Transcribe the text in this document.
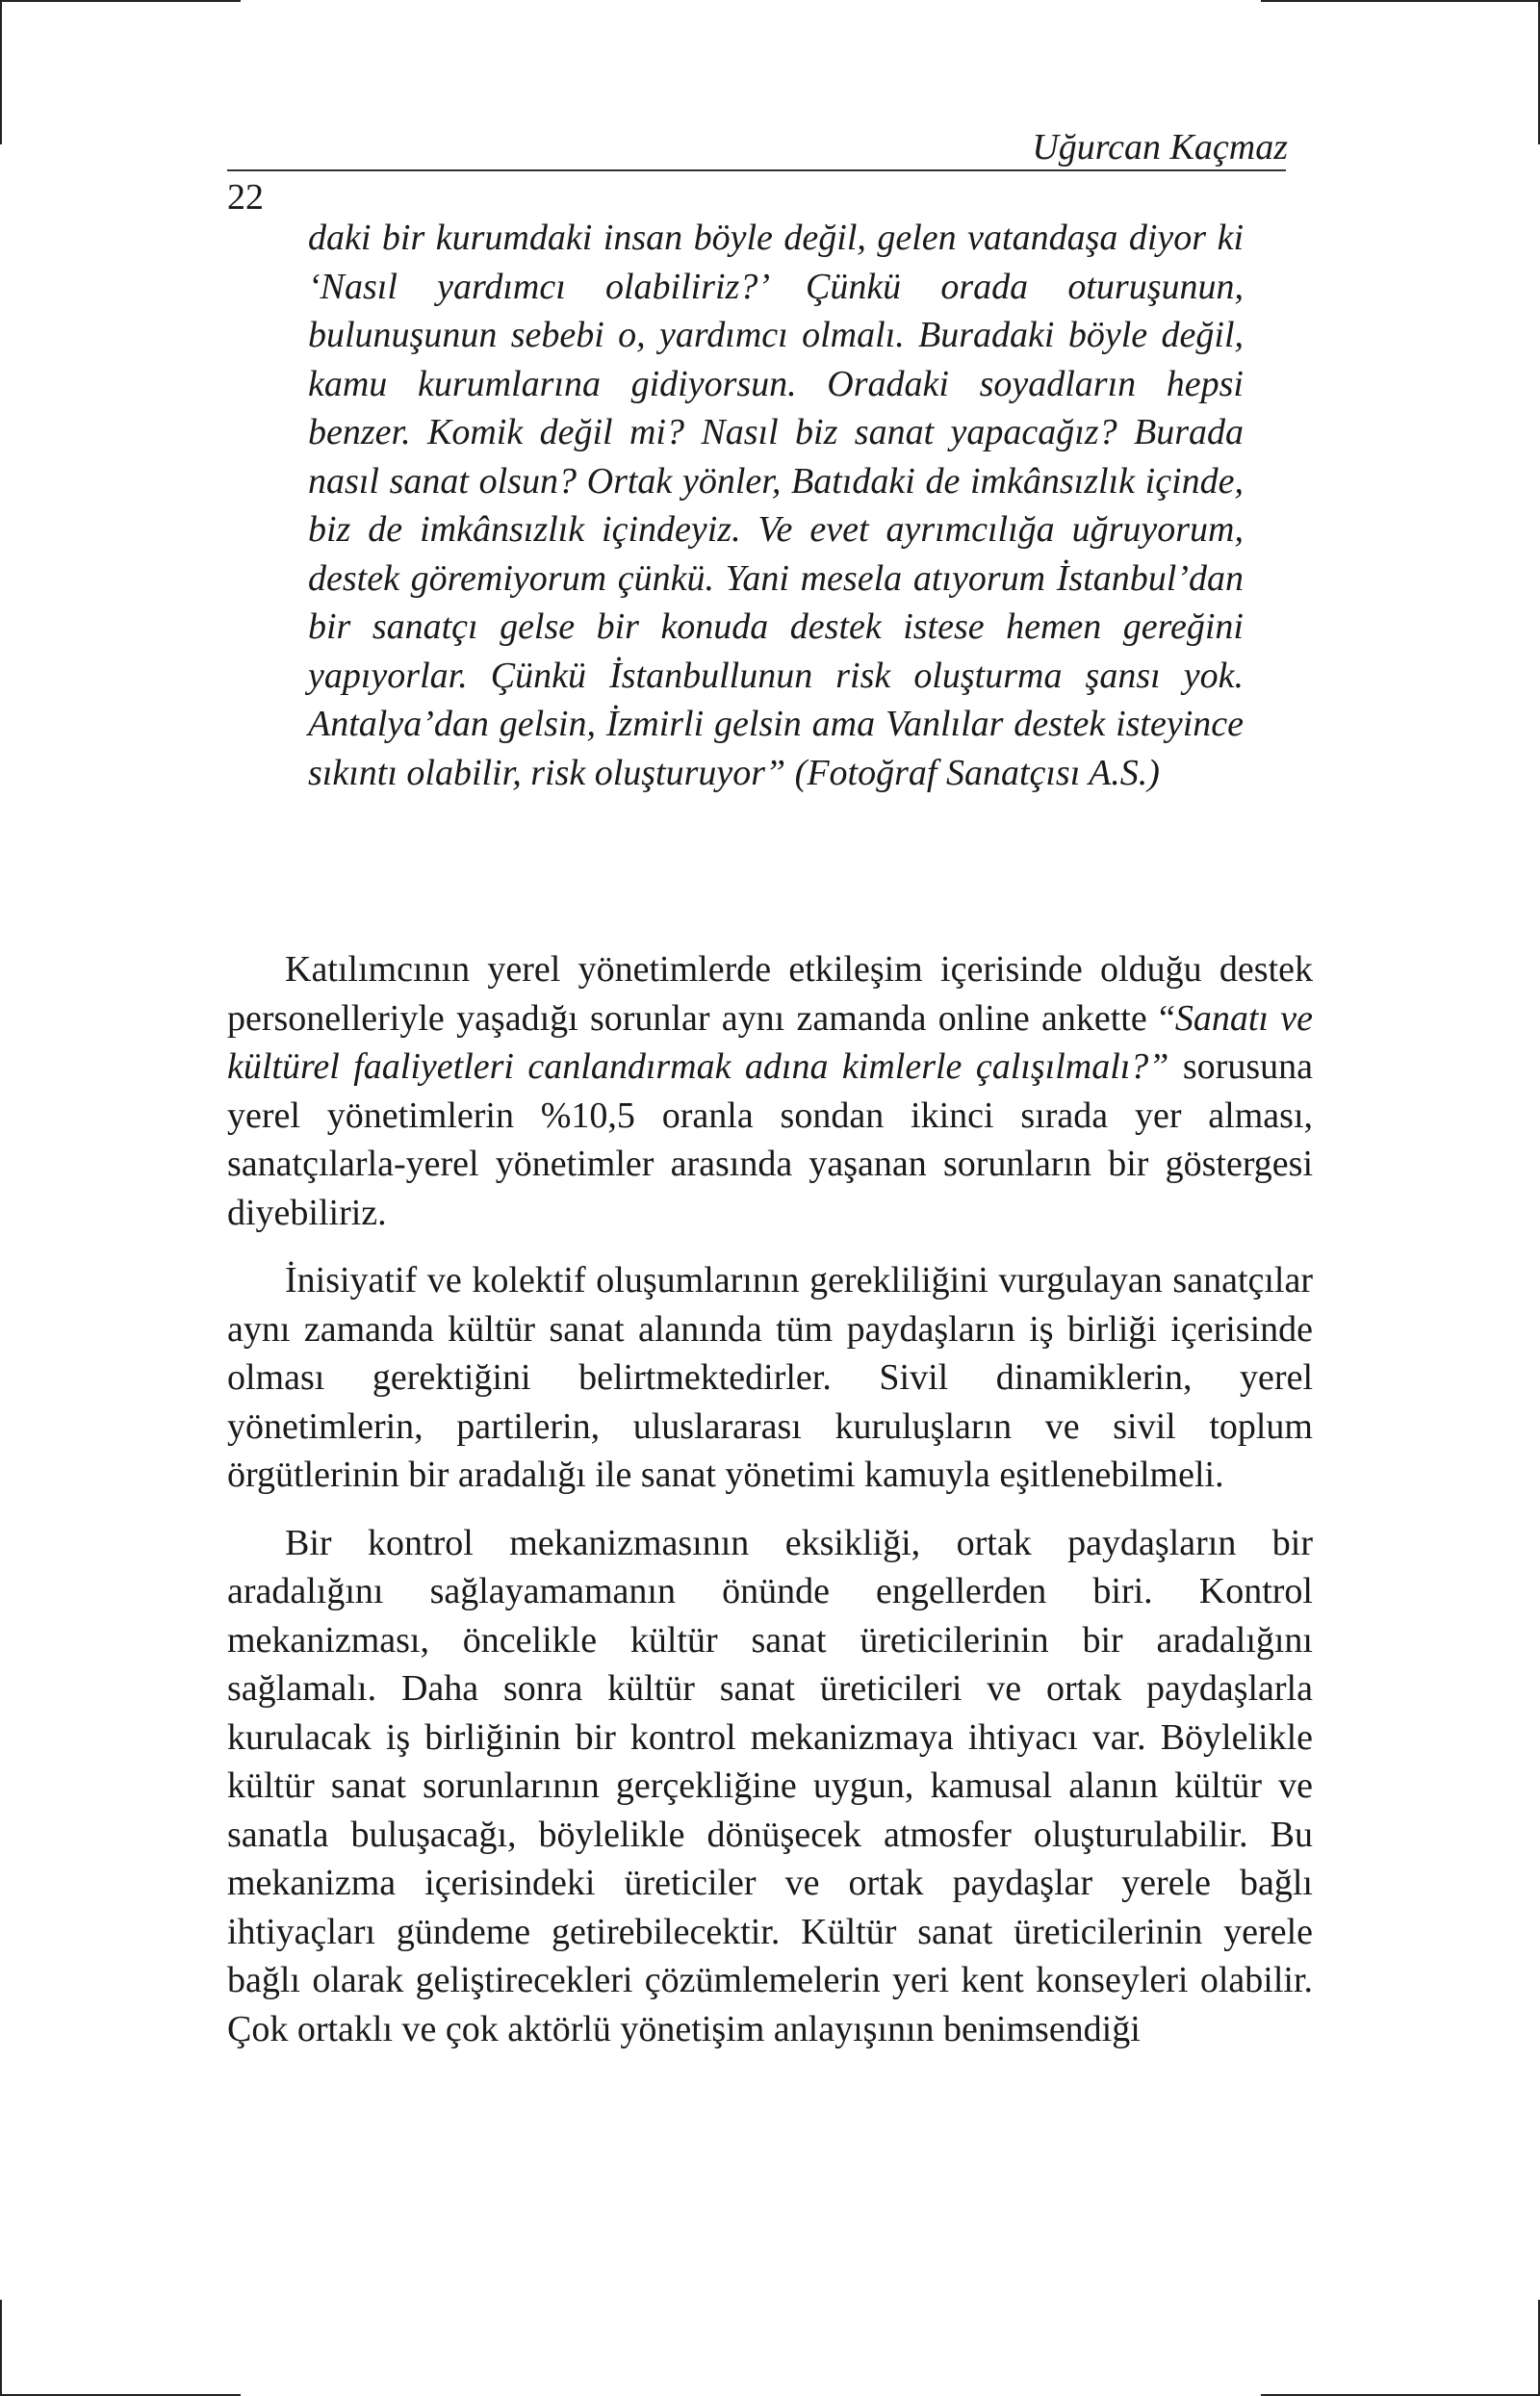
Uğurcan Kaçmaz
22
daki bir kurumdaki insan böyle değil, gelen vatandaşa diyor ki ‘Nasıl yardımcı olabiliriz?’ Çünkü orada oturuşunun, bulunuşunun sebebi o, yardımcı olmalı. Buradaki böyle değil, kamu kurumlarına gidiyorsun. Oradaki soyadların hepsi benzer. Komik değil mi? Nasıl biz sanat yapacağız? Burada nasıl sanat olsun? Ortak yönler, Batıdaki de imkânsızlık içinde, biz de imkânsızlık içindeyiz. Ve evet ayrımcılığa uğruyorum, destek göremiyorum çünkü. Yani mesela atıyorum İstanbul’dan bir sanatçı gelse bir konuda destek istese hemen gereğini yapıyorlar. Çünkü İstanbullunun risk oluşturma şansı yok. Antalya’dan gelsin, İzmirli gelsin ama Vanlılar destek isteyince sıkıntı olabilir, risk oluşturuyor” (Fotoğraf Sanatçısı A.S.)

Katılımcının yerel yönetimlerde etkileşim içerisinde olduğu destek personelleriyle yaşadığı sorunlar aynı zamanda online ankette “Sanatı ve kültürel faaliyetleri canlandırmak adına kimlerle çalışılmalı?” sorusuna yerel yönetimlerin %10,5 oranla sondan ikinci sırada yer alması, sanatçılarla-yerel yönetimler arasında yaşanan sorunların bir göstergesi diyebiliriz.

İnisiyatif ve kolektif oluşumlarının gerekliliğini vurgulayan sanatçılar aynı zamanda kültür sanat alanında tüm paydaşların iş birliği içerisinde olması gerektiğini belirtmektedirler. Sivil dinamiklerin, yerel yönetimlerin, partilerin, uluslararası kuruluşların ve sivil toplum örgütlerinin bir aradalığı ile sanat yönetimi kamuyla eşitlenebilmeli.

Bir kontrol mekanizmasının eksikliği, ortak paydaşların bir aradalığını sağlayamamanın önünde engellerden biri. Kontrol mekanizması, öncelikle kültür sanat üreticilerinin bir aradalığını sağlamalı. Daha sonra kültür sanat üreticileri ve ortak paydaşlarla kurulacak iş birliğinin bir kontrol mekanizmaya ihtiyacı var. Böylelikle kültür sanat sorunlarının gerçekliğine uygun, kamusal alanın kültür ve sanatla buluşacağı, böylelikle dönüşecek atmosfer oluşturulabilir. Bu mekanizma içerisindeki üreticiler ve ortak paydaşlar yerele bağlı ihtiyaçları gündeme getirebilecektir. Kültür sanat üreticilerinin yerele bağlı olarak geliştirecekleri çözümlemelerin yeri kent konseyleri olabilir. Çok ortaklı ve çok aktörlü yönetişim anlayışının benimsendiği
